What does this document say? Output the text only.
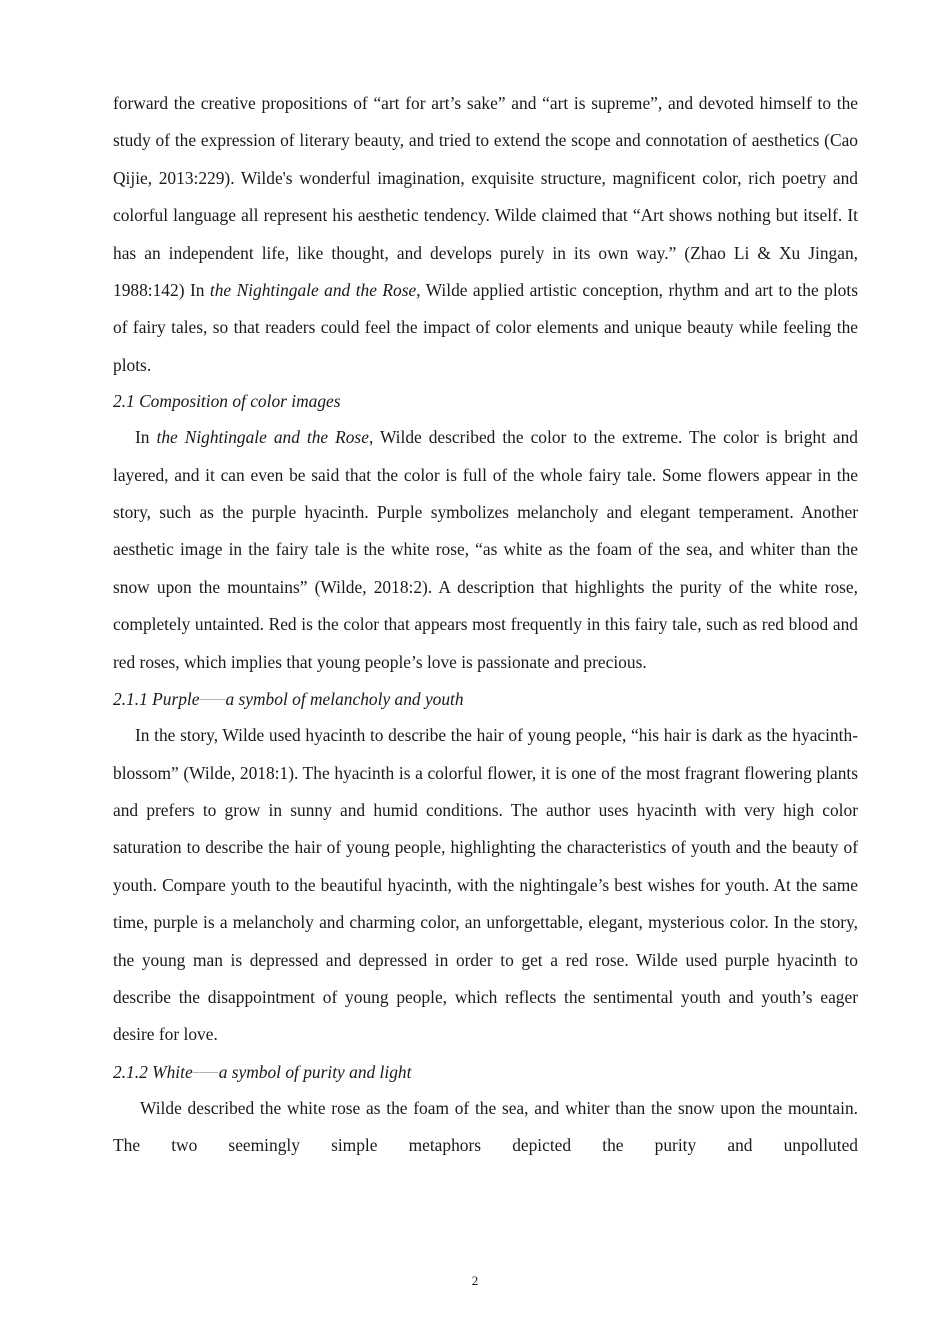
forward the creative propositions of “art for art’s sake” and “art is supreme”, and devoted himself to the study of the expression of literary beauty, and tried to extend the scope and connotation of aesthetics (Cao Qijie, 2013:229). Wilde's wonderful imagination, exquisite structure, magnificent color, rich poetry and colorful language all represent his aesthetic tendency. Wilde claimed that “Art shows nothing but itself. It has an independent life, like thought, and develops purely in its own way.” (Zhao Li & Xu Jingan, 1988:142) In the Nightingale and the Rose, Wilde applied artistic conception, rhythm and art to the plots of fairy tales, so that readers could feel the impact of color elements and unique beauty while feeling the plots.

2.1 Composition of color images

In the Nightingale and the Rose, Wilde described the color to the extreme. The color is bright and layered, and it can even be said that the color is full of the whole fairy tale. Some flowers appear in the story, such as the purple hyacinth. Purple symbolizes melancholy and elegant temperament. Another aesthetic image in the fairy tale is the white rose, “as white as the foam of the sea, and whiter than the snow upon the mountains” (Wilde, 2018:2). A description that highlights the purity of the white rose, completely untainted. Red is the color that appears most frequently in this fairy tale, such as red blood and red roses, which implies that young people’s love is passionate and precious.

2.1.1 Purple––––a symbol of melancholy and youth

In the story, Wilde used hyacinth to describe the hair of young people, “his hair is dark as the hyacinth-blossom” (Wilde, 2018:1). The hyacinth is a colorful flower, it is one of the most fragrant flowering plants and prefers to grow in sunny and humid conditions. The author uses hyacinth with very high color saturation to describe the hair of young people, highlighting the characteristics of youth and the beauty of youth. Compare youth to the beautiful hyacinth, with the nightingale’s best wishes for youth. At the same time, purple is a melancholy and charming color, an unforgettable, elegant, mysterious color. In the story, the young man is depressed and depressed in order to get a red rose. Wilde used purple hyacinth to describe the disappointment of young people, which reflects the sentimental youth and youth’s eager desire for love.

2.1.2 White––––a symbol of purity and light

Wilde described the white rose as the foam of the sea, and whiter than the snow upon the mountain. The two seemingly simple metaphors depicted the purity and unpolluted

2
